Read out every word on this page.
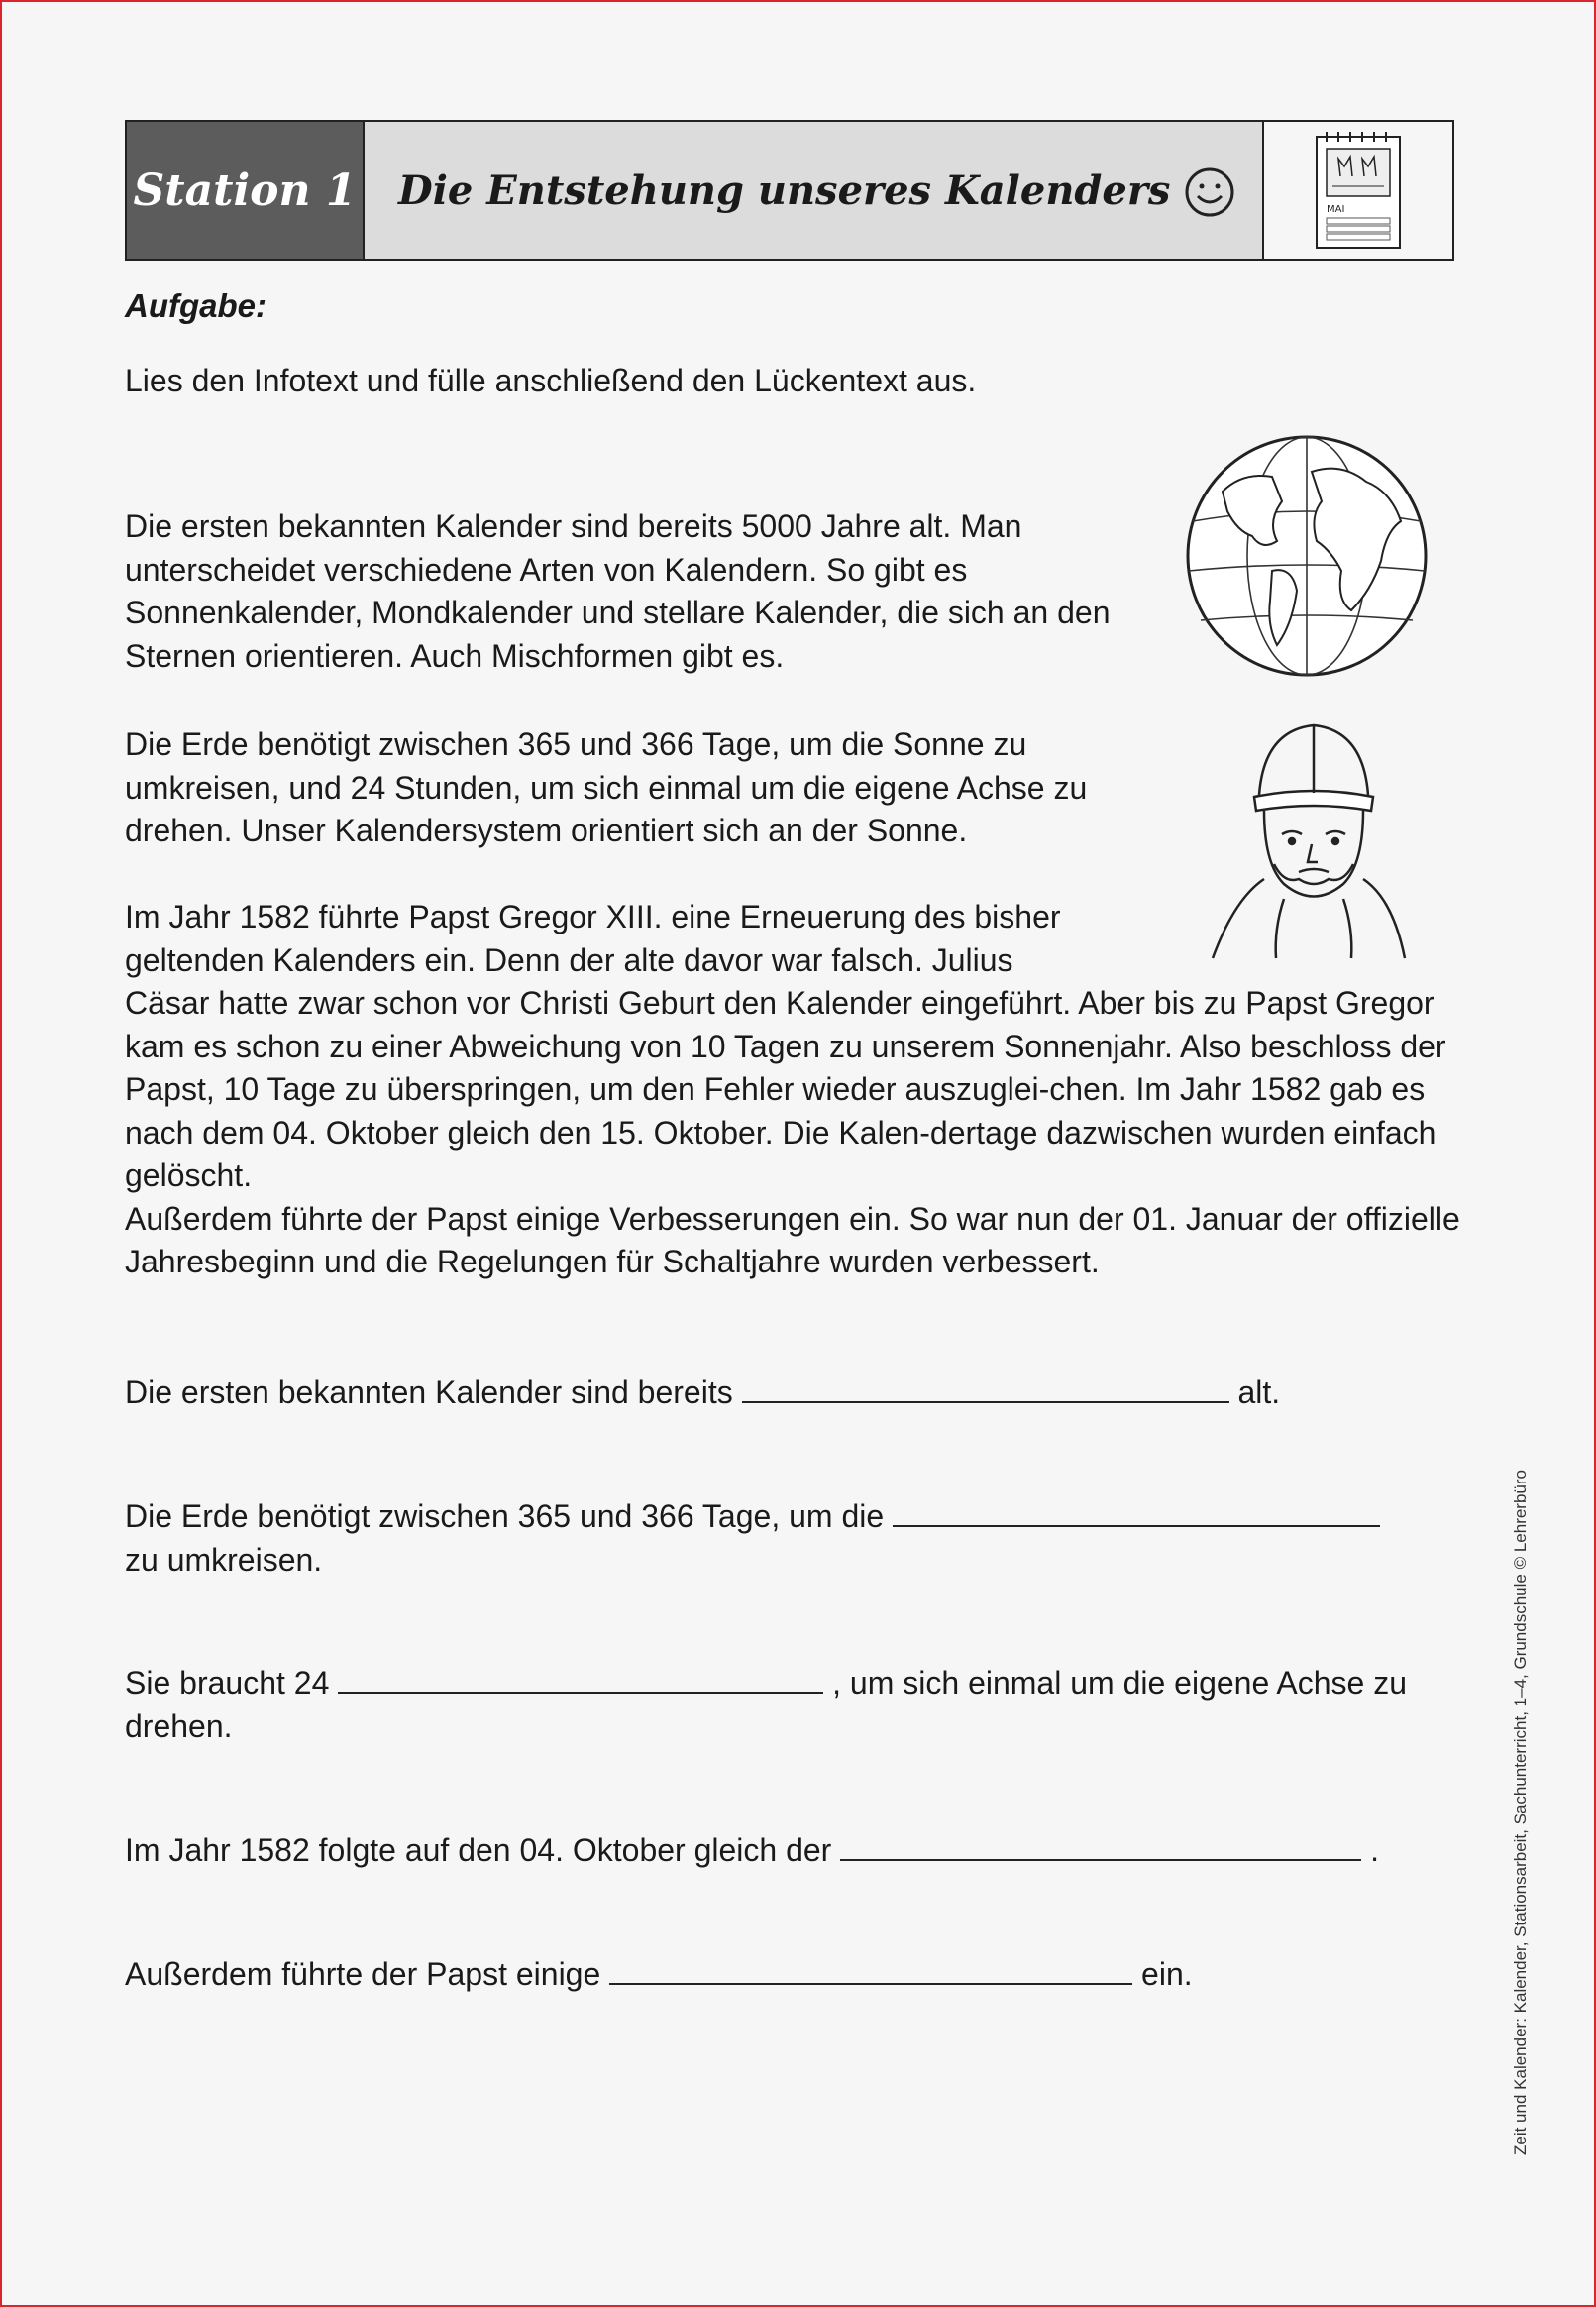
Station 1 Die Entstehung unseres Kalenders	MAI
Aufgabe:
Lies den Infotext und fülle anschließend den Lückentext aus.
Die ersten bekannten Kalender sind bereits 5000 Jahre alt. Man unterscheidet verschiedene Arten von Kalendern. So gibt es Sonnenkalender, Mondkalender und stellare Kalender, die sich an den Sternen orientieren. Auch Mischformen gibt es.
Die Erde benötigt zwischen 365 und 366 Tage, um die Sonne zu umkreisen, und 24 Stunden, um sich einmal um die eigene Achse zu drehen. Unser Kalendersystem orientiert sich an der Sonne.
Im Jahr 1582 führte Papst Gregor XIII. eine Erneuerung des bisher
geltenden Kalenders ein. Denn der alte davor war falsch. Julius
Cäsar hatte zwar schon vor Christi Geburt den Kalender eingeführt. Aber bis zu Papst Gregor kam es schon zu einer Abweichung von 10 Tagen zu unserem Sonnenjahr. Also beschloss der Papst, 10 Tage zu überspringen, um den Fehler wieder auszuglei-chen. Im Jahr 1582 gab es nach dem 04. Oktober gleich den 15. Oktober. Die Kalen-dertage dazwischen wurden einfach gelöscht.
Außerdem führte der Papst einige Verbesserungen ein. So war nun der 01. Januar der offizielle Jahresbeginn und die Regelungen für Schaltjahre wurden verbessert.
Die ersten bekannten Kalender sind bereits	alt.
Die Erde benötigt zwischen 365 und 366 Tage, um die
zu umkreisen.
Sie braucht 24	, um sich einmal um die eigene Achse zu drehen.
Im Jahr 1582 folgte auf den 04. Oktober gleich der	.
Außerdem führte der Papst einige	ein.	Zeit und Kalender: Kalender, Stationsarbeit, Sachunterricht, 1–4, Grundschule © Lehrerbüro
